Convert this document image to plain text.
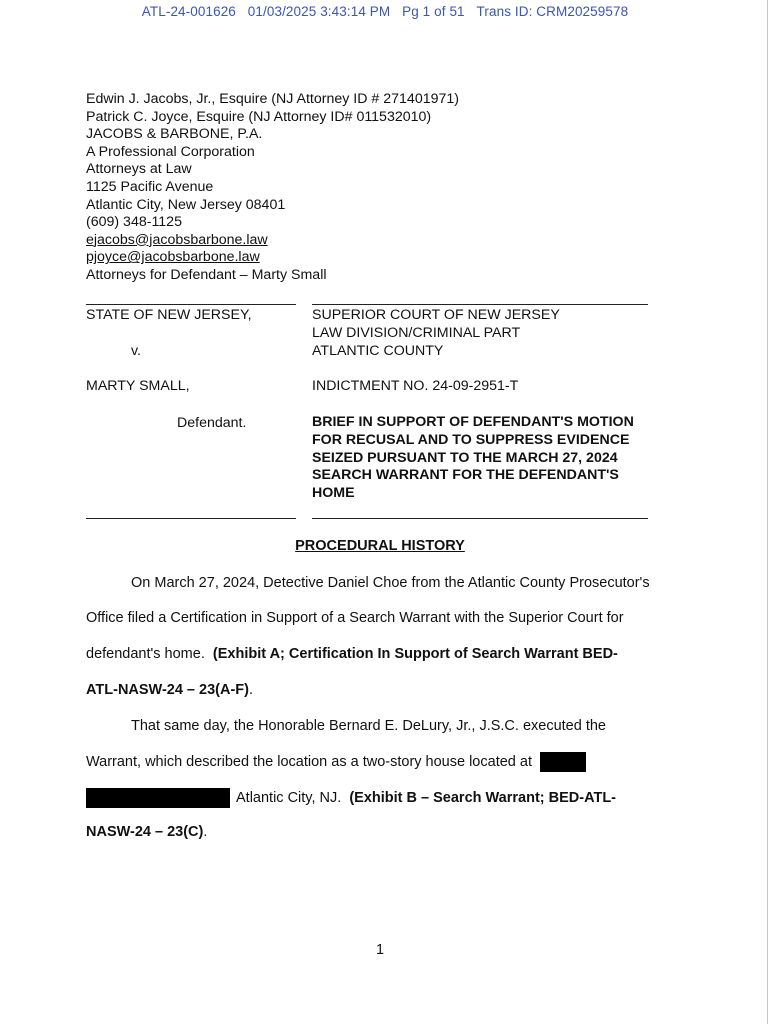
ATL-24-001626 01/03/2025 3:43:14 PM Pg 1 of 51 Trans ID: CRM20259578
Edwin J. Jacobs, Jr., Esquire (NJ Attorney ID # 271401971)
Patrick C. Joyce, Esquire (NJ Attorney ID# 011532010)
JACOBS & BARBONE, P.A.
A Professional Corporation
Attorneys at Law
1125 Pacific Avenue
Atlantic City, New Jersey 08401
(609) 348-1125
ejacobs@jacobsbarbone.law
pjoyce@jacobsbarbone.law
Attorneys for Defendant – Marty Small
STATE OF NEW JERSEY,
v.
MARTY SMALL,
Defendant.
SUPERIOR COURT OF NEW JERSEY
LAW DIVISION/CRIMINAL PART
ATLANTIC COUNTY
INDICTMENT NO. 24-09-2951-T
BRIEF IN SUPPORT OF DEFENDANT'S MOTION
FOR RECUSAL AND TO SUPPRESS EVIDENCE
SEIZED PURSUANT TO THE MARCH 27, 2024
SEARCH WARRANT FOR THE DEFENDANT'S
HOME
PROCEDURAL HISTORY
On March 27, 2024, Detective Daniel Choe from the Atlantic County Prosecutor's
Office filed a Certification in Support of a Search Warrant with the Superior Court for
defendant's home. (Exhibit A; Certification In Support of Search Warrant BED-
ATL-NASW-24 – 23(A-F).
That same day, the Honorable Bernard E. DeLury, Jr., J.S.C. executed the
Warrant, which described the location as a two-story house located at
Atlantic City, NJ. (Exhibit B – Search Warrant; BED-ATL-
NASW-24 – 23(C).
1
